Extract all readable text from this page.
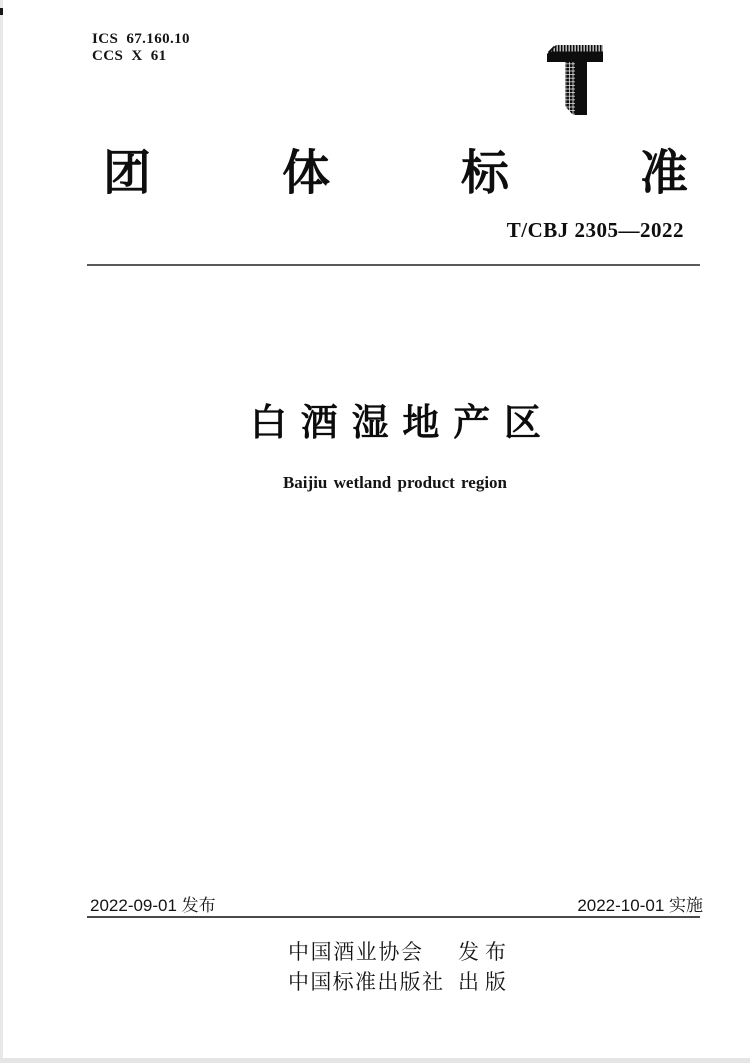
ICS 67.160.10
CCS X 61
团	体	标	准
T/CBJ 2305—2022
白 酒 湿 地 产 区
Baijiu wetland product region
2022-09-01 发布	2022-10-01 实施
中 国 酒 业 协 会 发 布
中 国 标 准 出 版 社 出 版
